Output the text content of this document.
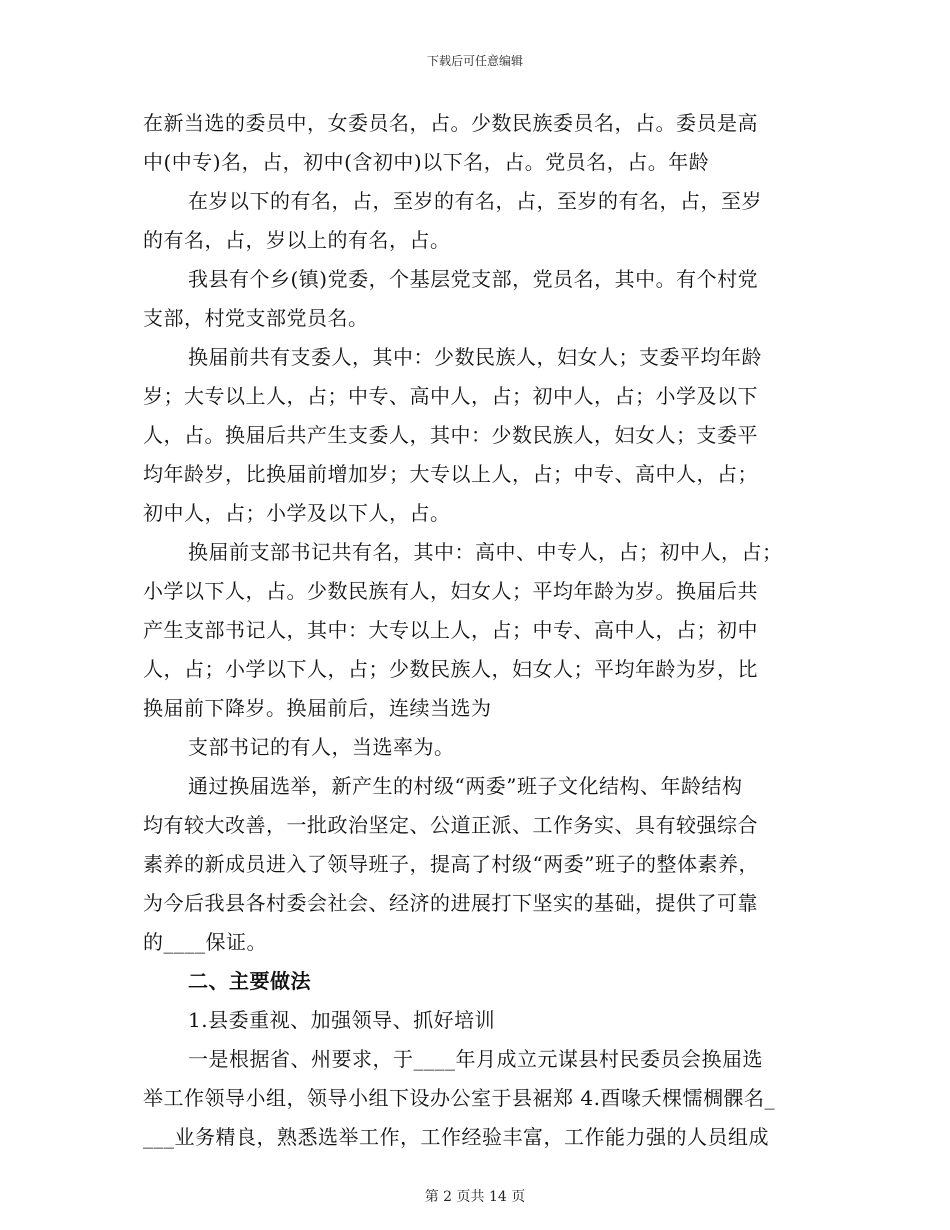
下载后可任意编辑
在新当选的委员中，女委员名，占。少数民族委员名，占。委员是高
中(中专)名，占，初中(含初中)以下名，占。党员名，占。年龄
在岁以下的有名，占，至岁的有名，占，至岁的有名，占，至岁
的有名，占，岁以上的有名，占。
我县有个乡(镇)党委，个基层党支部，党员名，其中。有个村党
支部，村党支部党员名。
换届前共有支委人，其中：少数民族人，妇女人；支委平均年龄
岁；大专以上人，占；中专、高中人，占；初中人，占；小学及以下
人，占。换届后共产生支委人，其中：少数民族人，妇女人；支委平
均年龄岁，比换届前增加岁；大专以上人，占；中专、高中人，占；
初中人，占；小学及以下人，占。
换届前支部书记共有名，其中：高中、中专人，占；初中人，占；
小学以下人，占。少数民族有人，妇女人；平均年龄为岁。换届后共
产生支部书记人，其中：大专以上人，占；中专、高中人，占；初中
人，占；小学以下人，占；少数民族人，妇女人；平均年龄为岁，比
换届前下降岁。换届前后，连续当选为
支部书记的有人，当选率为。
通过换届选举，新产生的村级“两委”班子文化结构、年龄结构
均有较大改善，一批政治坚定、公道正派、工作务实、具有较强综合
素养的新成员进入了领导班子，提高了村级“两委”班子的整体素养，
为今后我县各村委会社会、经济的进展打下坚实的基础，提供了可靠
的____保证。
二、主要做法
1.县委重视、加强领导、抓好培训
一是根据省、州要求，于____年月成立元谋县村民委员会换届选
举工作领导小组，领导小组下设办公室于县裾郑 4.酉喙夭棵懦椆髁名_
___业务精良，熟悉选举工作，工作经验丰富，工作能力强的人员组成
第 2 页共 14 页
